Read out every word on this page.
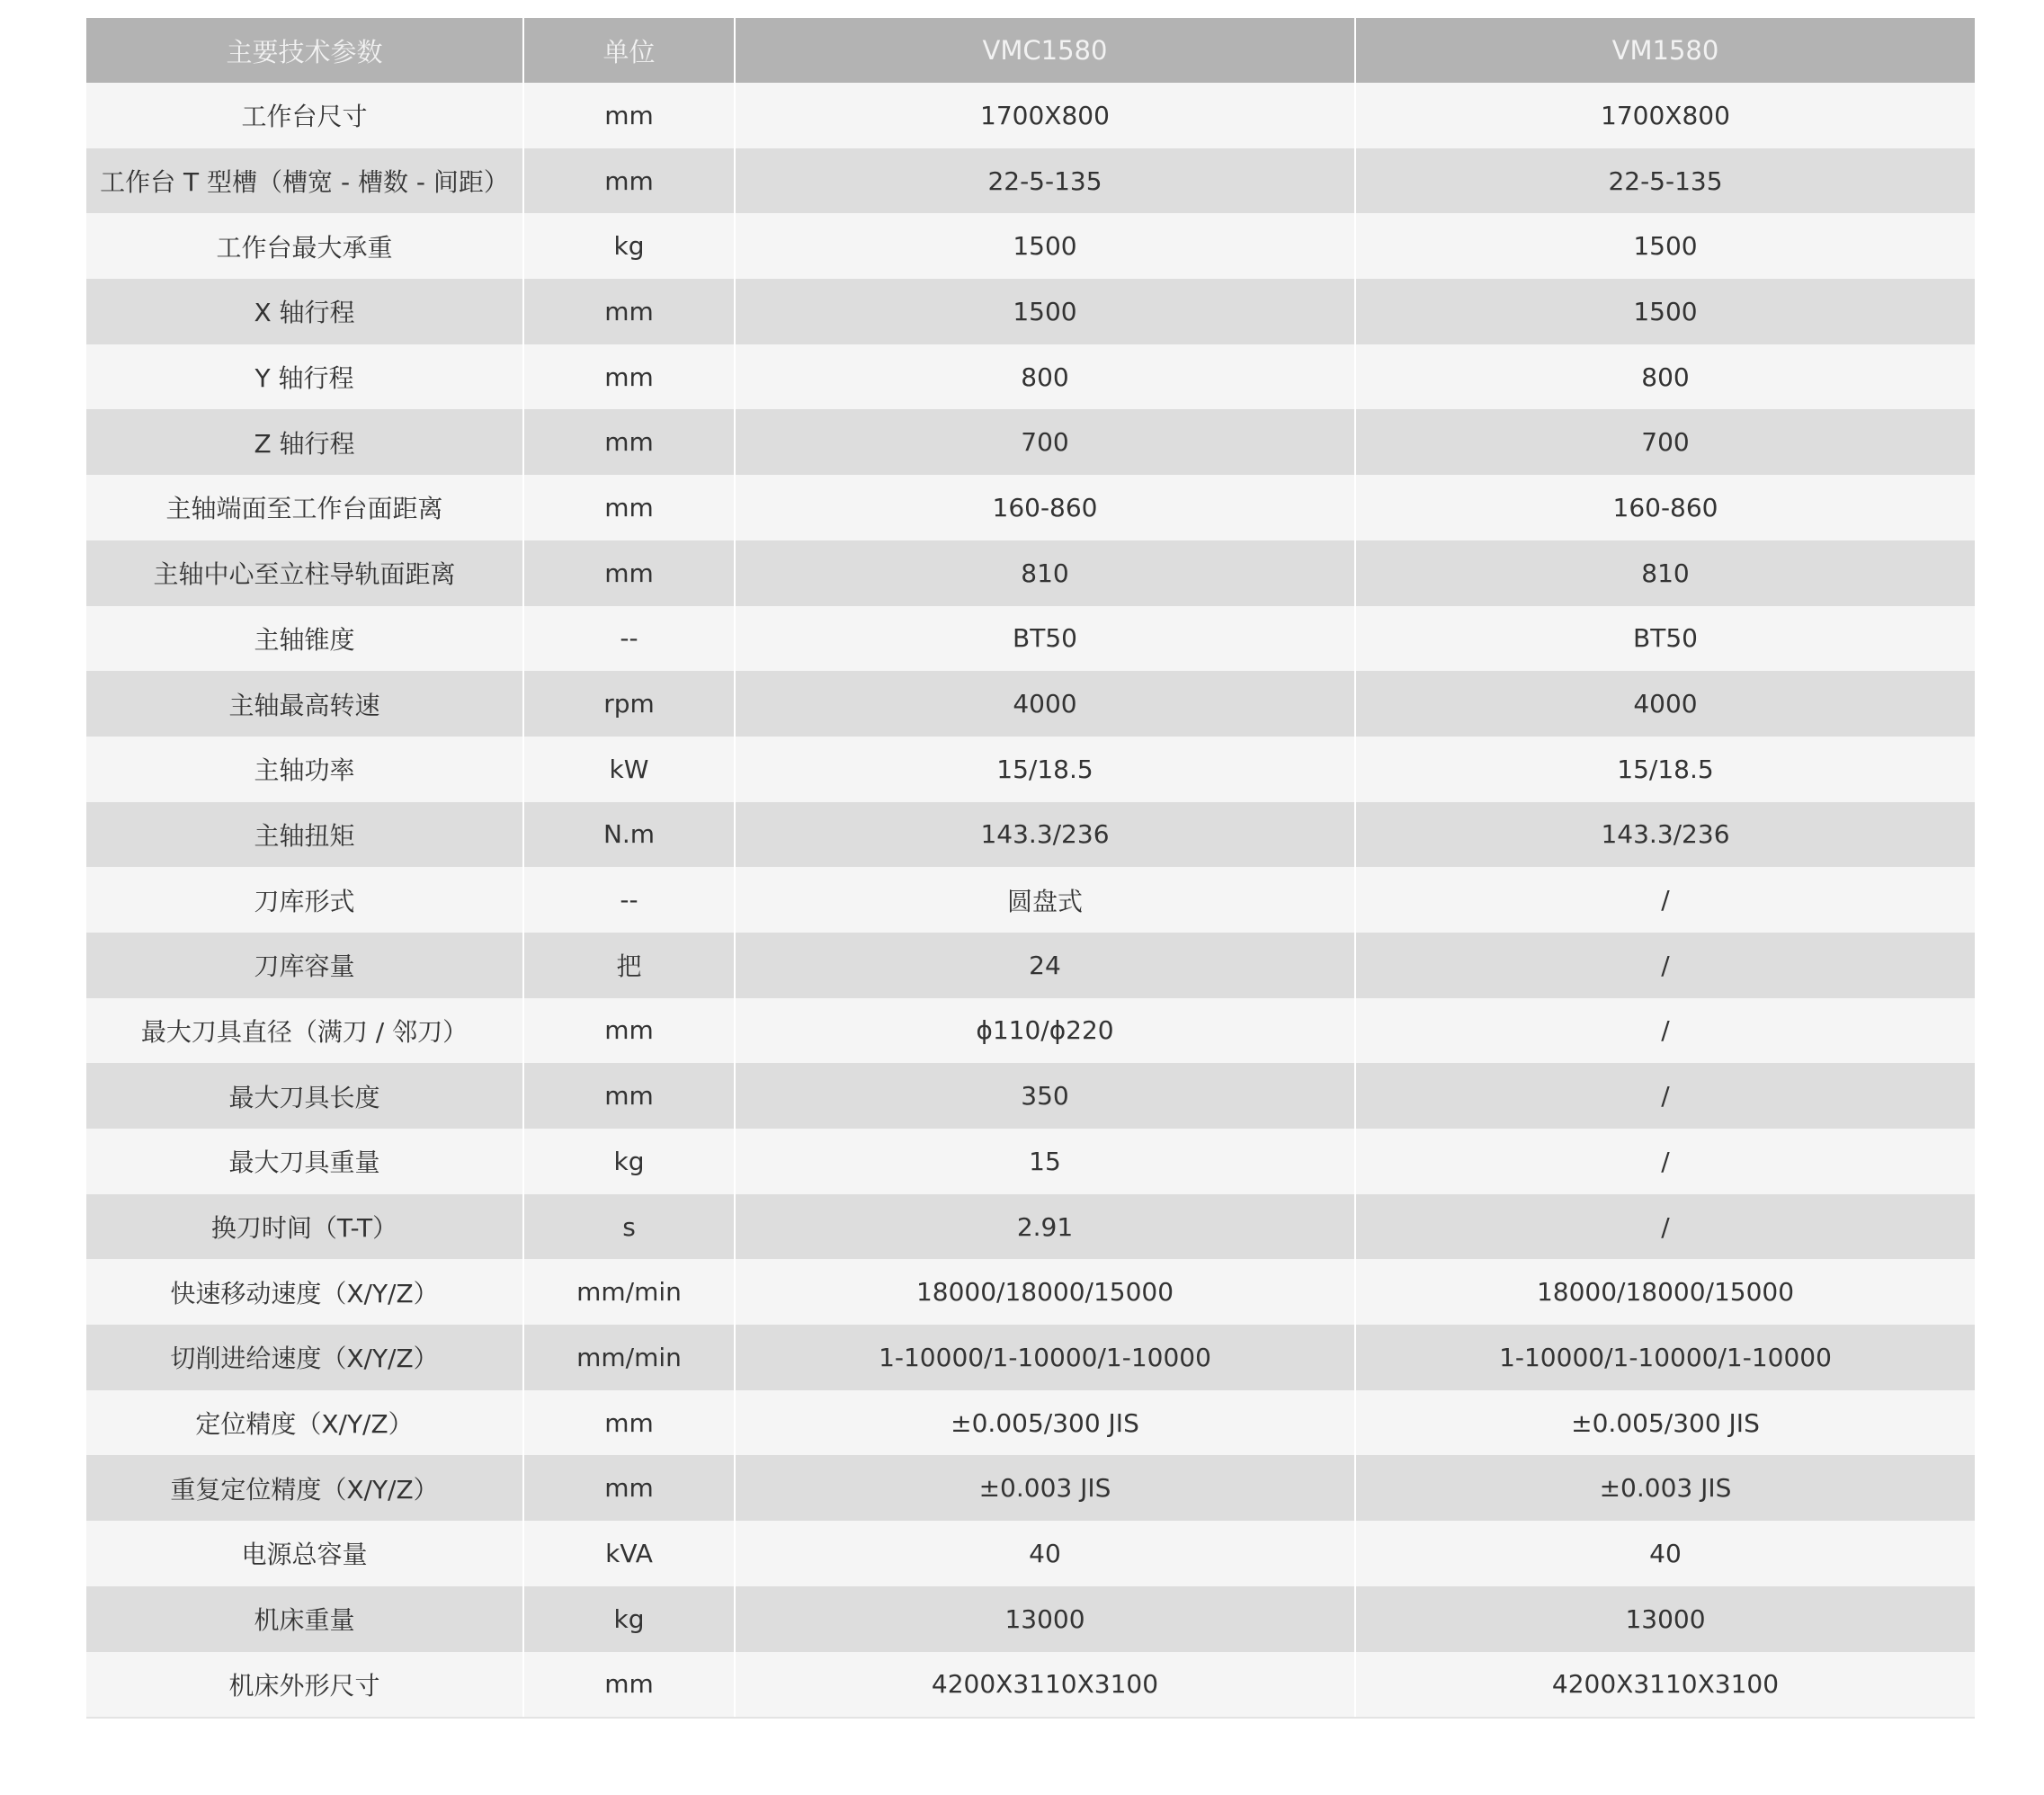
主要技术参数	单位	VMC1580	VM1580
工作台尺寸	mm	1700X800	1700X800
工作台 T 型槽（槽宽 - 槽数 - 间距）	mm	22-5-135	22-5-135
工作台最大承重	kg	1500	1500
X 轴行程	mm	1500	1500
Y 轴行程	mm	800	800
Z 轴行程	mm	700	700
主轴端面至工作台面距离	mm	160-860	160-860
主轴中心至立柱导轨面距离	mm	810	810
主轴锥度	--	BT50	BT50
主轴最高转速	rpm	4000	4000
主轴功率	kW	15/18.5	15/18.5
主轴扭矩	N.m	143.3/236	143.3/236
刀库形式	--	圆盘式	/
刀库容量	把	24	/
最大刀具直径（满刀 / 邻刀）	mm	ϕ110/ϕ220	/
最大刀具长度	mm	350	/
最大刀具重量	kg	15	/
换刀时间（T-T）	s	2.91	/
快速移动速度（X/Y/Z）	mm/min	18000/18000/15000	18000/18000/15000
切削进给速度（X/Y/Z）	mm/min	1-10000/1-10000/1-10000	1-10000/1-10000/1-10000
定位精度（X/Y/Z）	mm	±0.005/300 JIS	±0.005/300 JIS
重复定位精度（X/Y/Z）	mm	±0.003 JIS	±0.003 JIS
电源总容量	kVA	40	40
机床重量	kg	13000	13000
机床外形尺寸	mm	4200X3110X3100	4200X3110X3100
